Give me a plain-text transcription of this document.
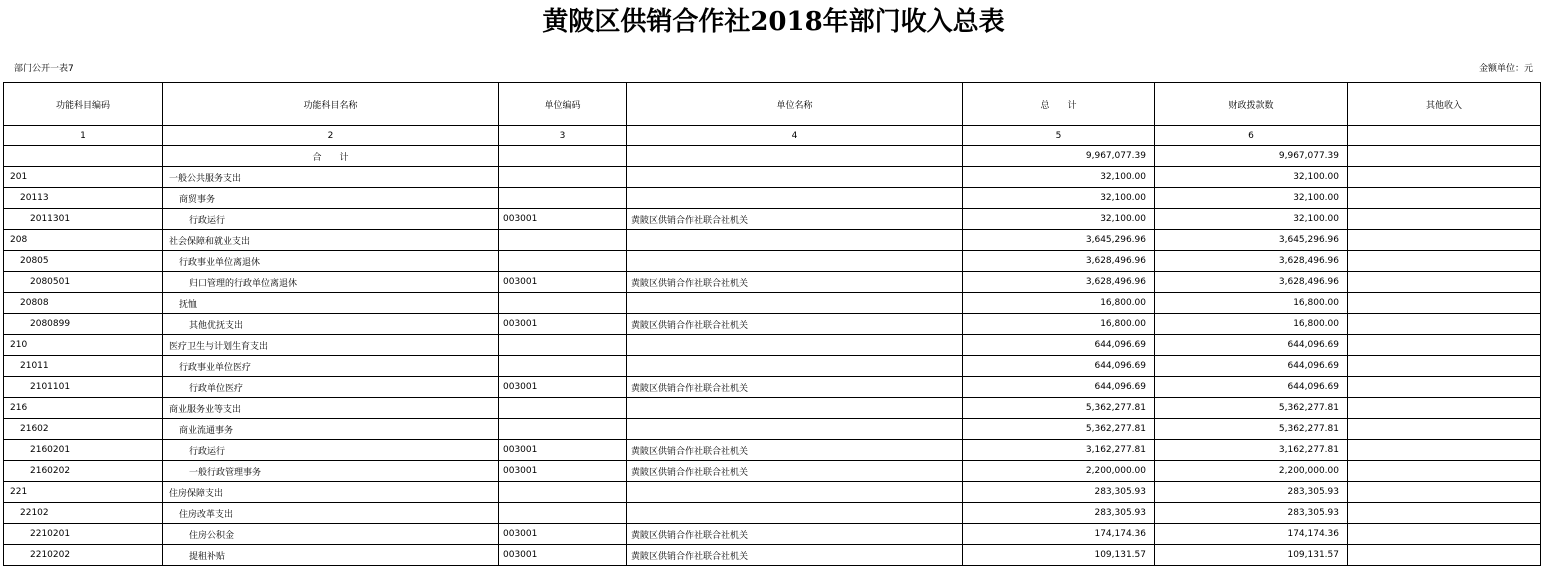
黄陂区供销合作社2018年部门收入总表
部门公开一表7	金额单位：元
功能科目编码	功能科目名称	单位编码	单位名称	总　　计	财政拨款数	其他收入
1	2	3	4	5	6	
	合　　计			9,967,077.39	9,967,077.39	
201	一般公共服务支出			32,100.00	32,100.00	
20113	商贸事务			32,100.00	32,100.00	
2011301	行政运行	003001	黄陂区供销合作社联合社机关	32,100.00	32,100.00	
208	社会保障和就业支出			3,645,296.96	3,645,296.96	
20805	行政事业单位离退休			3,628,496.96	3,628,496.96	
2080501	归口管理的行政单位离退休	003001	黄陂区供销合作社联合社机关	3,628,496.96	3,628,496.96	
20808	抚恤			16,800.00	16,800.00	
2080899	其他优抚支出	003001	黄陂区供销合作社联合社机关	16,800.00	16,800.00	
210	医疗卫生与计划生育支出			644,096.69	644,096.69	
21011	行政事业单位医疗			644,096.69	644,096.69	
2101101	行政单位医疗	003001	黄陂区供销合作社联合社机关	644,096.69	644,096.69	
216	商业服务业等支出			5,362,277.81	5,362,277.81	
21602	商业流通事务			5,362,277.81	5,362,277.81	
2160201	行政运行	003001	黄陂区供销合作社联合社机关	3,162,277.81	3,162,277.81	
2160202	一般行政管理事务	003001	黄陂区供销合作社联合社机关	2,200,000.00	2,200,000.00	
221	住房保障支出			283,305.93	283,305.93	
22102	住房改革支出			283,305.93	283,305.93	
2210201	住房公积金	003001	黄陂区供销合作社联合社机关	174,174.36	174,174.36	
2210202	提租补贴	003001	黄陂区供销合作社联合社机关	109,131.57	109,131.57	
